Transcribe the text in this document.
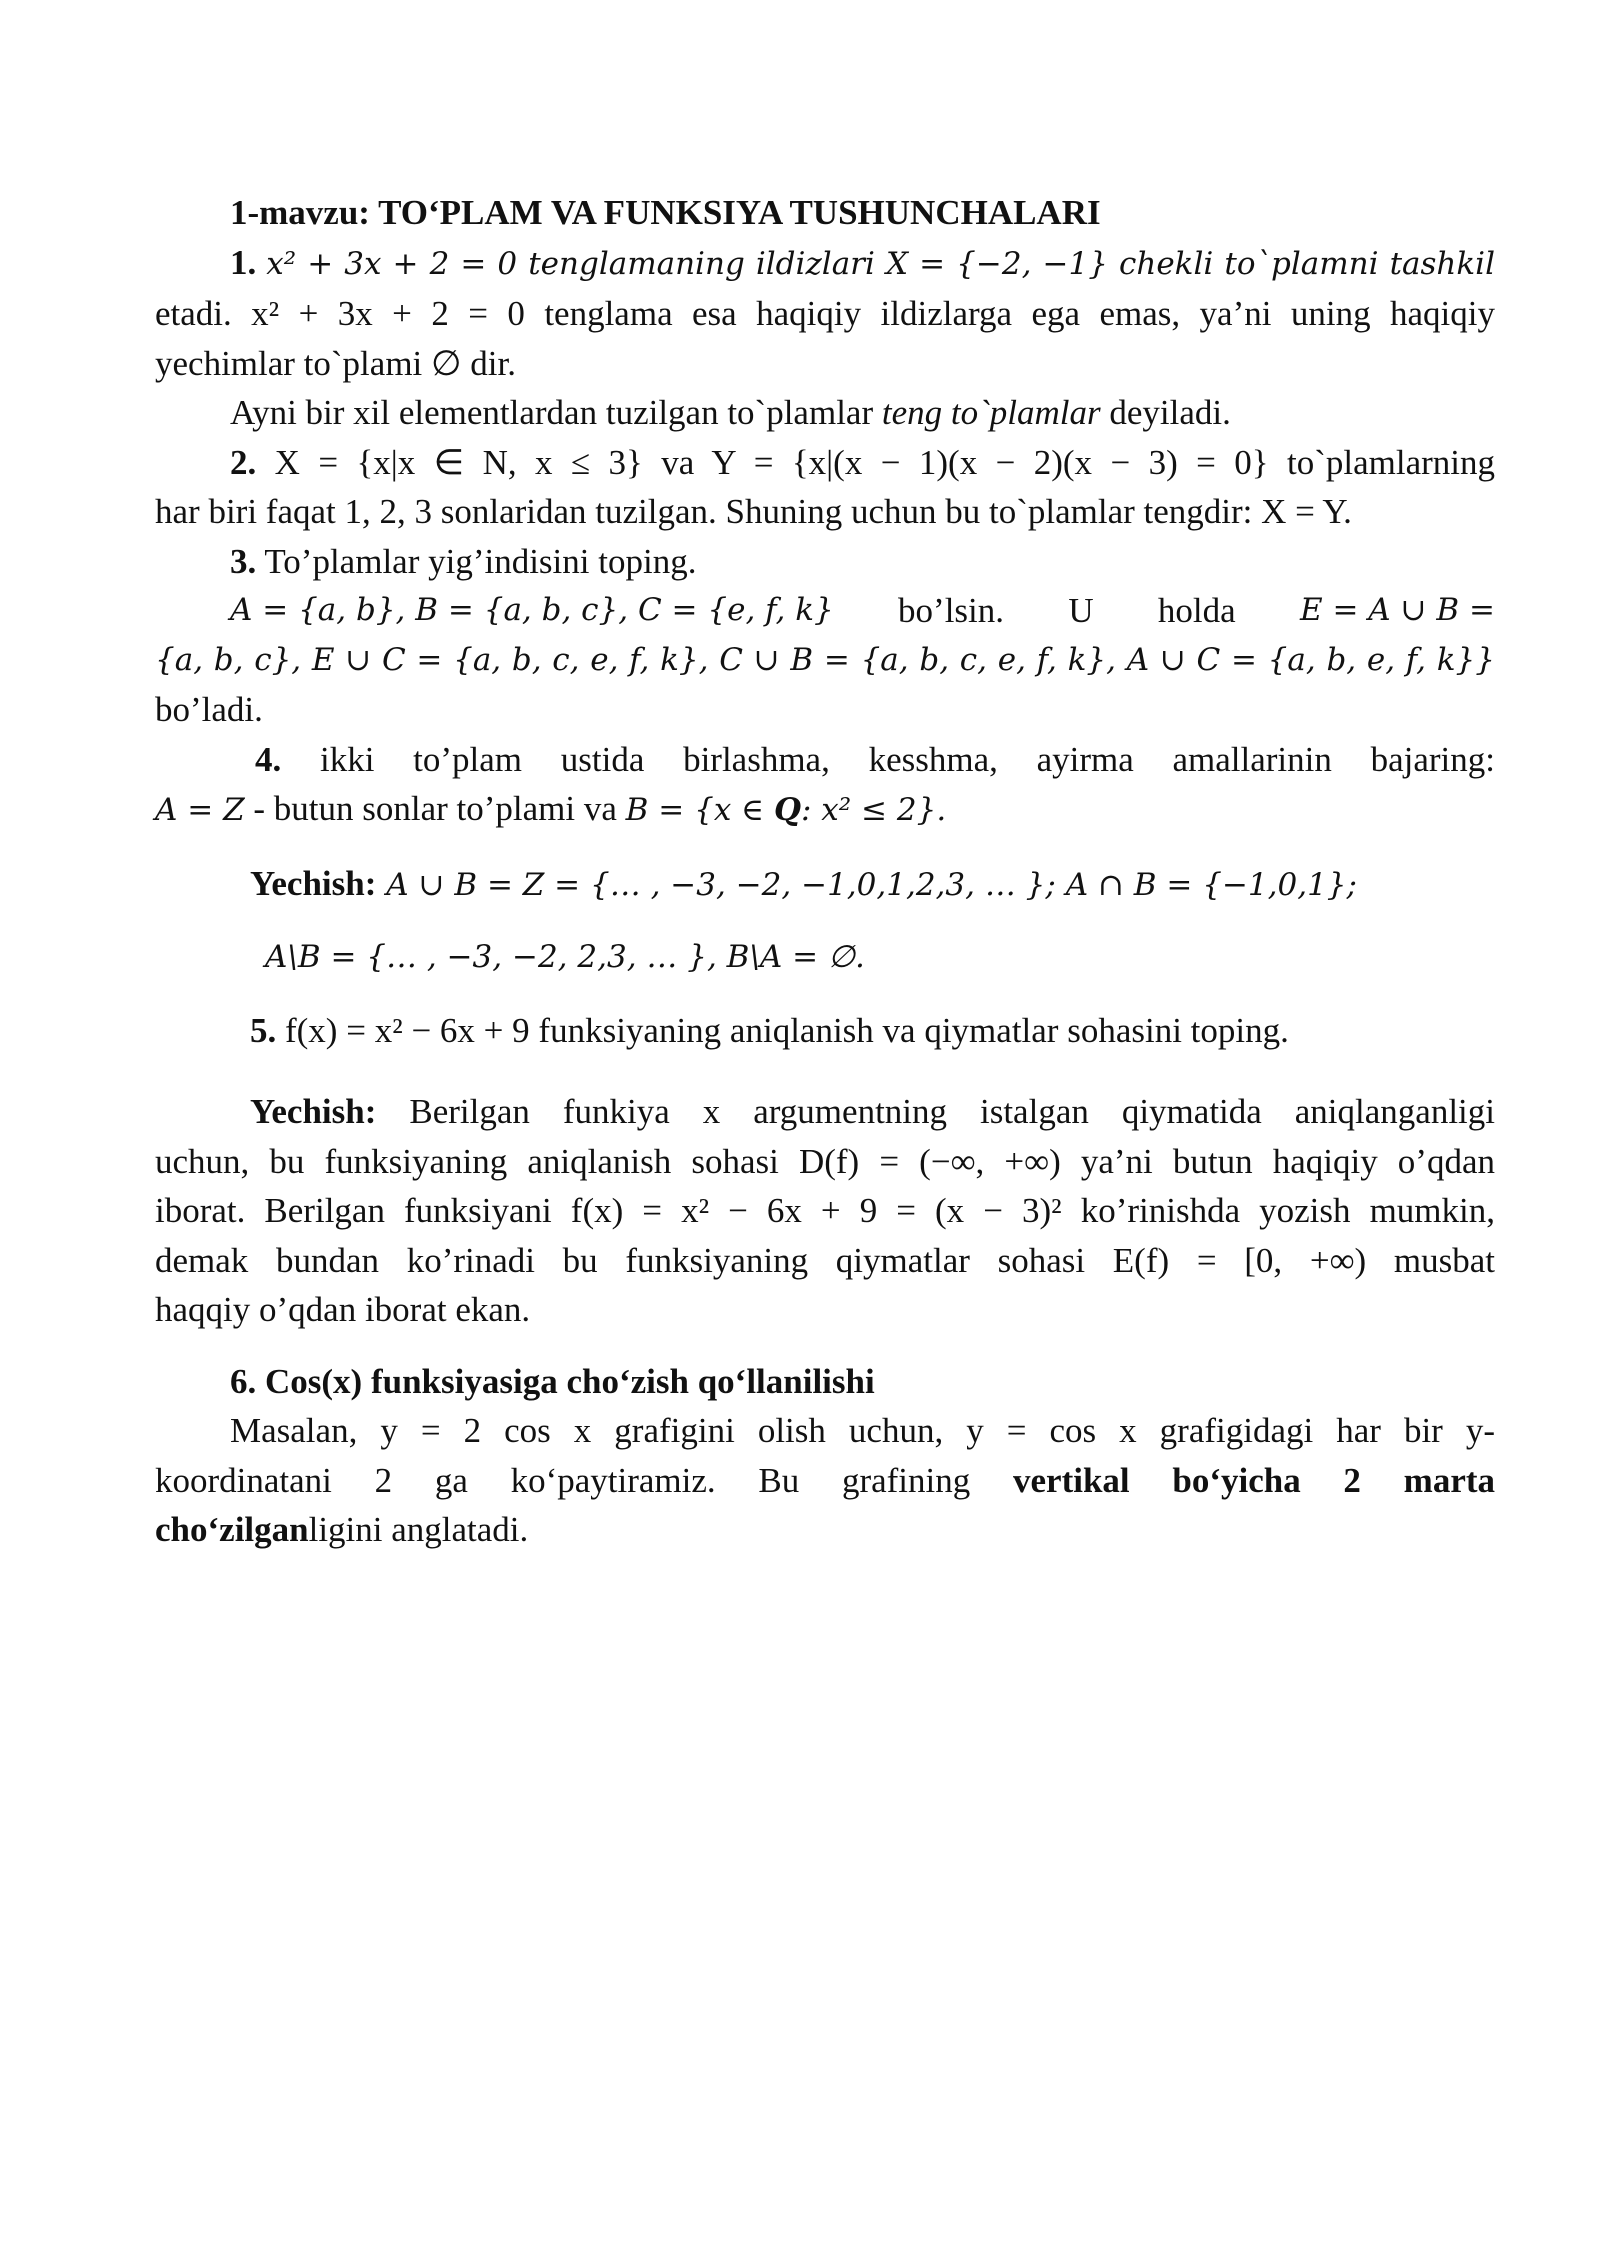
1-mavzu: TO‘PLAM VA FUNKSIYA TUSHUNCHALARI

1. x² + 3x + 2 = 0 tenglamaning ildizlari X = {−2, −1} chekli to`plamni tashkil

etadi. x² + 3x + 2 = 0 tenglama esa haqiqiy ildizlarga ega emas, ya’ni uning haqiqiy

yechimlar to`plami ∅ dir.

Ayni bir xil elementlardan tuzilgan to`plamlar teng to`plamlar deyiladi.

2. X = {x|x ∈ N, x ≤ 3} va Y = {x|(x − 1)(x − 2)(x − 3) = 0} to`plamlarning

har biri faqat 1, 2, 3 sonlaridan tuzilgan. Shuning uchun bu to`plamlar tengdir: X = Y.

3. To’plamlar yig’indisini toping.

A = {a, b}, B = {a, b, c}, C = {e, f, k} bo’lsin. U holda E = A ∪ B =

{a, b, c}, E ∪ C = {a, b, c, e, f, k}, C ∪ B = {a, b, c, e, f, k}, A ∪ C = {a, b, e, f, k}}

bo’ladi.

4. ikki to’plam ustida birlashma, kesshma, ayirma amallarinin bajaring:

A = Z - butun sonlar to’plami va B = {x ∈ Q: x² ≤ 2}.

Yechish: A ∪ B = Z = {… , −3, −2, −1,0,1,2,3, … }; A ∩ B = {−1,0,1};

A\B = {… , −3, −2, 2,3, … }, B\A = ∅.

5. f(x) = x² − 6x + 9 funksiyaning aniqlanish va qiymatlar sohasini toping.

Yechish: Berilgan funkiya x argumentning istalgan qiymatida aniqlanganligi

uchun, bu funksiyaning aniqlanish sohasi D(f) = (−∞, +∞) ya’ni butun haqiqiy o’qdan

iborat. Berilgan funksiyani f(x) = x² − 6x + 9 = (x − 3)² ko’rinishda yozish mumkin,

demak bundan ko’rinadi bu funksiyaning qiymatlar sohasi E(f) = [0, +∞) musbat

haqqiy o’qdan iborat ekan.

6. Cos(x) funksiyasiga cho‘zish qo‘llanilishi

Masalan, y = 2 cos x grafigini olish uchun, y = cos x grafigidagi har bir y-

koordinatani 2 ga ko‘paytiramiz. Bu grafining vertikal bo‘yicha 2 marta

cho‘zilganligini anglatadi.
